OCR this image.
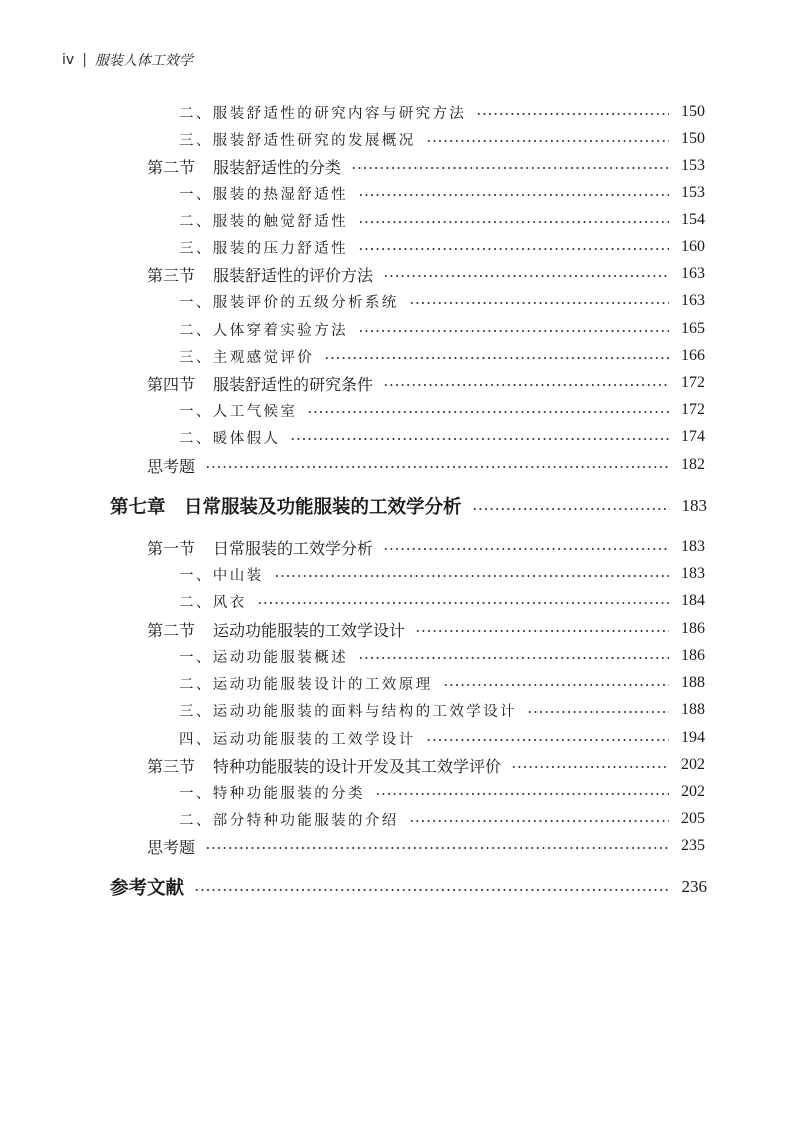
iv | 服装人体工效学
二、服装舒适性的研究内容与研究方法	150
三、服装舒适性研究的发展概况	150
第二节	服装舒适性的分类	153
一、服装的热湿舒适性	153
二、服装的触觉舒适性	154
三、服装的压力舒适性	160
第三节	服装舒适性的评价方法	163
一、服装评价的五级分析系统	163
二、人体穿着实验方法	165
三、主观感觉评价	166
第四节	服装舒适性的研究条件	172
一、人工气候室	172
二、暖体假人	174
思考题	182
第七章 日常服装及功能服装的工效学分析	183
第一节	日常服装的工效学分析	183
一、中山装	183
二、风衣	184
第二节	运动功能服装的工效学设计	186
一、运动功能服装概述	186
二、运动功能服装设计的工效原理	188
三、运动功能服装的面料与结构的工效学设计	188
四、运动功能服装的工效学设计	194
第三节	特种功能服装的设计开发及其工效学评价	202
一、特种功能服装的分类	202
二、部分特种功能服装的介绍	205
思考题	235
参考文献	236
